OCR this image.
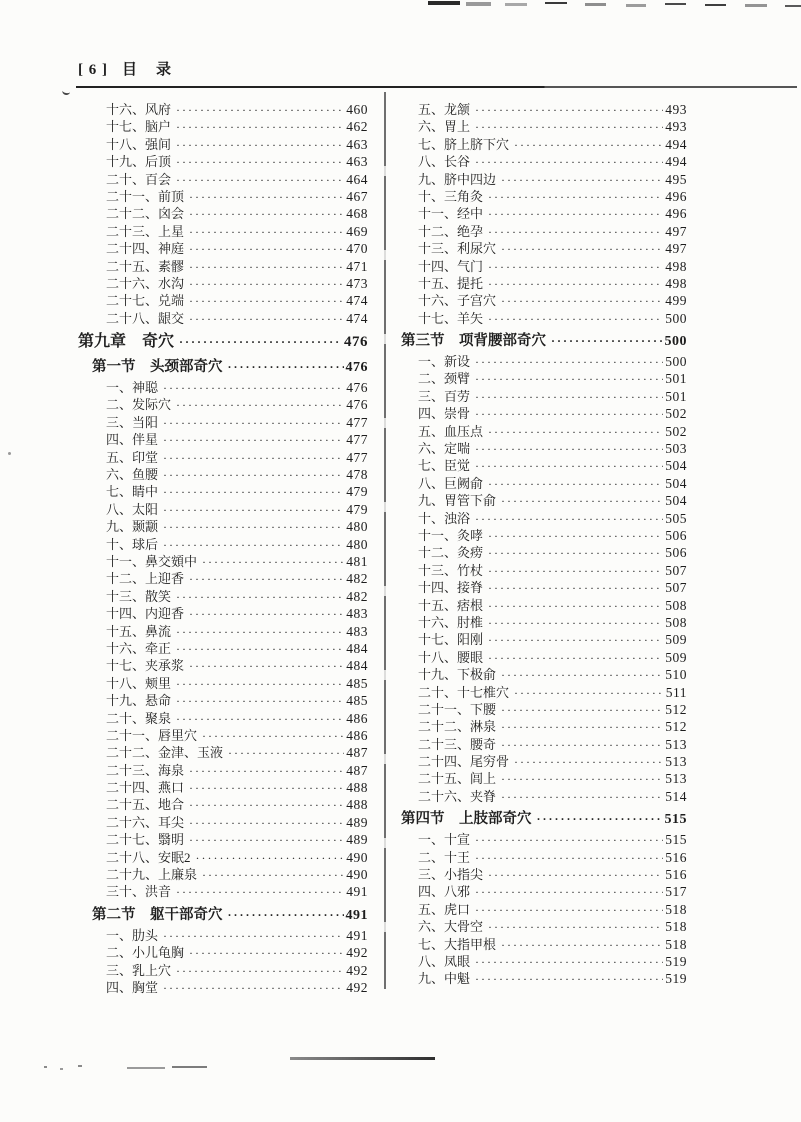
[ 6 ] 目　录
十六、风府 ·····	460
十七、脑户 ·····	462
十八、强间 ·····	463
十九、后顶 ·····	463
二十、百会 ·····	464
二十一、前顶 ·····	467
二十二、囟会 ·····	468
二十三、上星 ·····	469
二十四、神庭 ·····	470
二十五、素髎 ·····	471
二十六、水沟 ·····	473
二十七、兑端 ·····	474
二十八、龈交 ·····	474
第九章　奇穴 ·····	476
第一节　头颈部奇穴 ·····	476
一、神聪 ·····	476
二、发际穴 ·····	476
三、当阳 ·····	477
四、伴星 ·····	477
五、印堂 ·····	477
六、鱼腰 ·····	478
七、睛中 ·····	479
八、太阳 ·····	479
九、颞颥 ·····	480
十、球后 ·····	480
十一、鼻交頞中 ·····	481
十二、上迎香 ·····	482
十三、散笑 ·····	482
十四、内迎香 ·····	483
十五、鼻流 ·····	483
十六、牵正 ·····	484
十七、夹承浆 ·····	484
十八、颊里 ·····	485
十九、悬命 ·····	485
二十、聚泉 ·····	486
二十一、唇里穴 ·····	486
二十二、金津、玉液 ·····	487
二十三、海泉 ·····	487
二十四、燕口 ·····	488
二十五、地合 ·····	488
二十六、耳尖 ·····	489
二十七、翳明 ·····	489
二十八、安眠2 ·····	490
二十九、上廉泉 ·····	490
三十、洪音 ·····	491
第二节　躯干部奇穴 ·····	491
一、肋头 ·····	491
二、小儿龟胸 ·····	492
三、乳上穴 ·····	492
四、胸堂 ·····	492
五、龙颔 ·····	493
六、胃上 ·····	493
七、脐上脐下穴 ·····	494
八、长谷 ·····	494
九、脐中四边 ·····	495
十、三角灸 ·····	496
十一、经中 ·····	496
十二、绝孕 ·····	497
十三、利尿穴 ·····	497
十四、气门 ·····	498
十五、提托 ·····	498
十六、子宫穴 ·····	499
十七、羊矢 ·····	500
第三节　项背腰部奇穴 ·····	500
一、新设 ·····	500
二、颈臂 ·····	501
三、百劳 ·····	501
四、崇骨 ·····	502
五、血压点 ·····	502
六、定喘 ·····	503
七、臣觉 ·····	504
八、巨阙俞 ·····	504
九、胃管下俞 ·····	504
十、浊浴 ·····	505
十一、灸哮 ·····	506
十二、灸痨 ·····	506
十三、竹杖 ·····	507
十四、接脊 ·····	507
十五、痞根 ·····	508
十六、肘椎 ·····	508
十七、阳刚 ·····	509
十八、腰眼 ·····	509
十九、下极俞 ·····	510
二十、十七椎穴 ·····	511
二十一、下腰 ·····	512
二十二、淋泉 ·····	512
二十三、腰奇 ·····	513
二十四、尾穷骨 ·····	513
二十五、闾上 ·····	513
二十六、夹脊 ·····	514
第四节　上肢部奇穴 ·····	515
一、十宣 ·····	515
二、十王 ·····	516
三、小指尖 ·····	516
四、八邪 ·····	517
五、虎口 ·····	518
六、大骨空 ·····	518
七、大指甲根 ·····	518
八、凤眼 ·····	519
九、中魁 ·····	519
